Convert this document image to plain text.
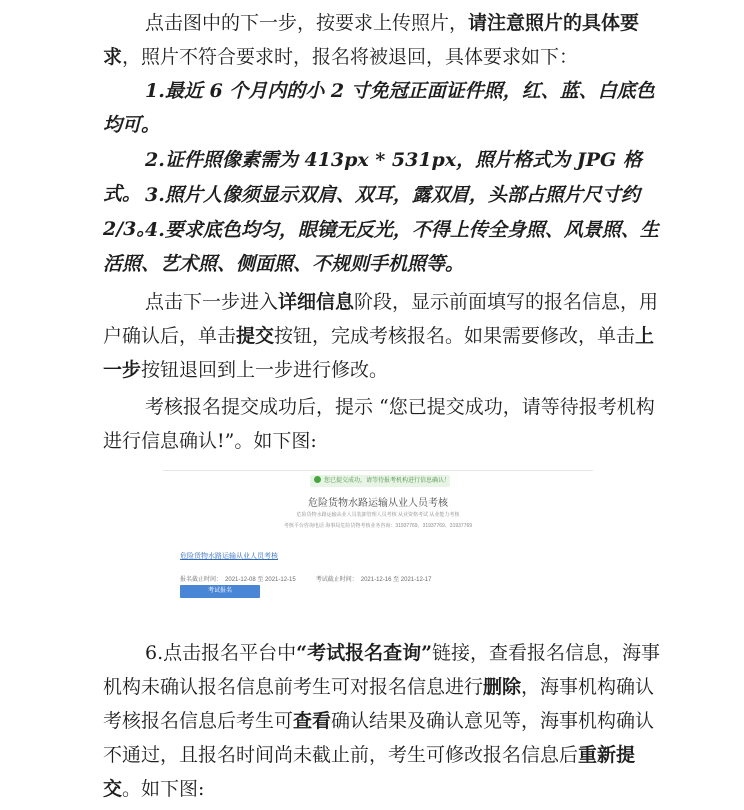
点击图中的下一步，按要求上传照片，请注意照片的具体要求，照片不符合要求时，报名将被退回，具体要求如下：

1.最近 6 个月内的小 2 寸免冠正面证件照，红、蓝、白底色均可。

2.证件照像素需为 413px * 531px，照片格式为 JPG 格式。 3.照片人像须显示双肩、双耳，露双眉，头部占照片尺寸约 2/3。

4.要求底色均匀，眼镜无反光，不得上传全身照、风景照、生活照、艺术照、侧面照、不规则手机照等。

点击下一步进入详细信息阶段，显示前面填写的报名信息，用户确认后，单击提交按钮，完成考核报名。如果需要修改，单击上一步按钮退回到上一步进行修改。

考核报名提交成功后，提示 “您已提交成功，请等待报考机构进行信息确认!”。如下图:

您已提交成功，请等待报考机构进行信息确认！
危险货物水路运输从业人员考核
危险货物水路运输从业人员装卸管理人员考核 从业资格考试 从业能力考核
考核平台咨询电话 海事局危险货物考核业务咨询：31937769、31937769、31937769
危险货物水路运输从业人员考核
报名截止时间： 2021-12-08 至 2021-12-15	考试截止时间： 2021-12-16 至 2021-12-17
考试报名

6.点击报名平台中“考试报名查询”链接，查看报名信息，海事机构未确认报名信息前考生可对报名信息进行删除，海事机构确认考核报名信息后考生可查看确认结果及确认意见等，海事机构确认不通过，且报名时间尚未截止前，考生可修改报名信息后重新提交。如下图:
